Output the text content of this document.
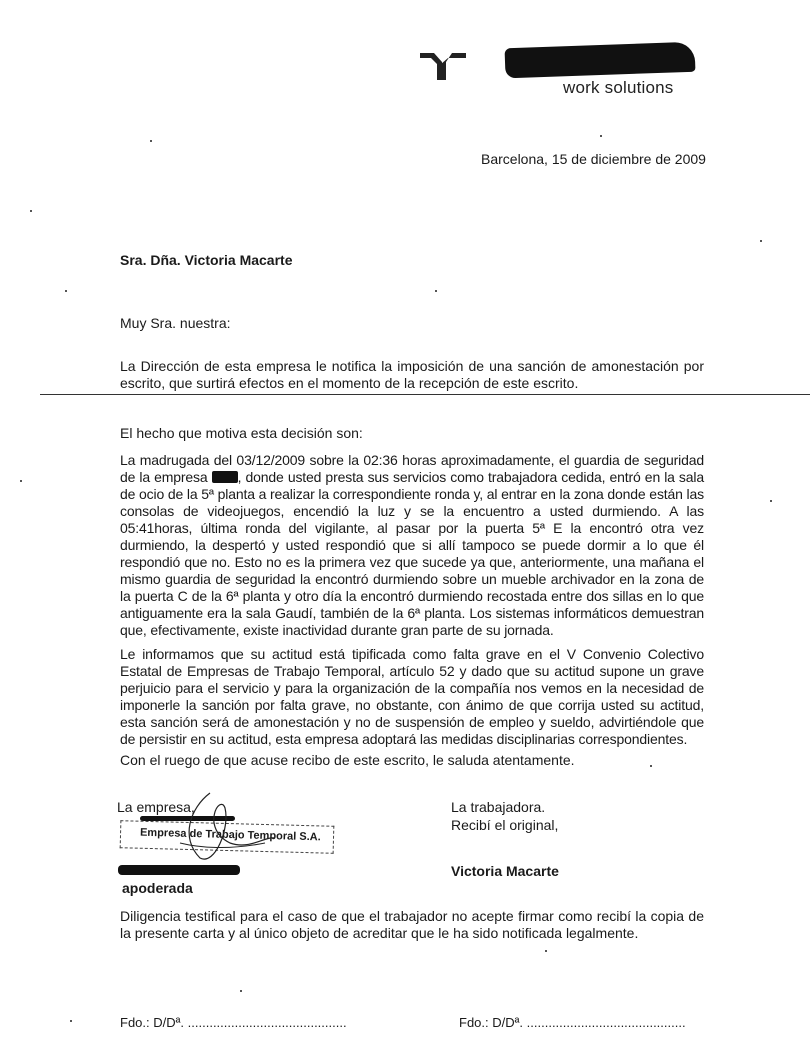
work solutions
Barcelona, 15 de diciembre de 2009
Sra. Dña. Victoria Macarte
Muy Sra. nuestra:

La Dirección de esta empresa le notifica la imposición de una sanción de amonestación por escrito, que surtirá efectos en el momento de la recepción de este escrito.

El hecho que motiva esta decisión son:

La madrugada del 03/12/2009 sobre la 02:36 horas aproximadamente, el guardia de seguridad de la empresa , donde usted presta sus servicios como trabajadora cedida, entró en la sala de ocio de la 5ª planta a realizar la correspondiente ronda y, al entrar en la zona donde están las consolas de videojuegos, encendió la luz y se la encuentro a usted durmiendo. A las 05:41horas, última ronda del vigilante, al pasar por la puerta 5ª E la encontró otra vez durmiendo, la despertó y usted respondió que si allí tampoco se puede dormir a lo que él respondió que no. Esto no es la primera vez que sucede ya que, anteriormente, una mañana el mismo guardia de seguridad la encontró durmiendo sobre un mueble archivador en la zona de la puerta C de la 6ª planta y otro día la encontró durmiendo recostada entre dos sillas en lo que antiguamente era la sala Gaudí, también de la 6ª planta. Los sistemas informáticos demuestran que, efectivamente, existe inactividad durante gran parte de su jornada.

Le informamos que su actitud está tipificada como falta grave en el V Convenio Colectivo Estatal de Empresas de Trabajo Temporal, artículo 52 y dado que su actitud supone un grave perjuicio para el servicio y para la organización de la compañía nos vemos en la necesidad de imponerle la sanción por falta grave, no obstante, con ánimo de que corrija usted su actitud, esta sanción será de amonestación y no de suspensión de empleo y sueldo, advirtiéndole que de persistir en su actitud, esta empresa adoptará las medidas disciplinarias correspondientes.

Con el ruego de que acuse recibo de este escrito, le saluda atentamente.

La empresa,
Empresa de Trabajo Temporal S.A.
apoderada
La trabajadora.
Recibí el original,
Victoria Macarte

Diligencia testifical para el caso de que el trabajador no acepte firmar como recibí la copia de la presente carta y al único objeto de acreditar que le ha sido notificada legalmente.

Fdo.: D/Dª. ............................................	Fdo.: D/Dª. ............................................
